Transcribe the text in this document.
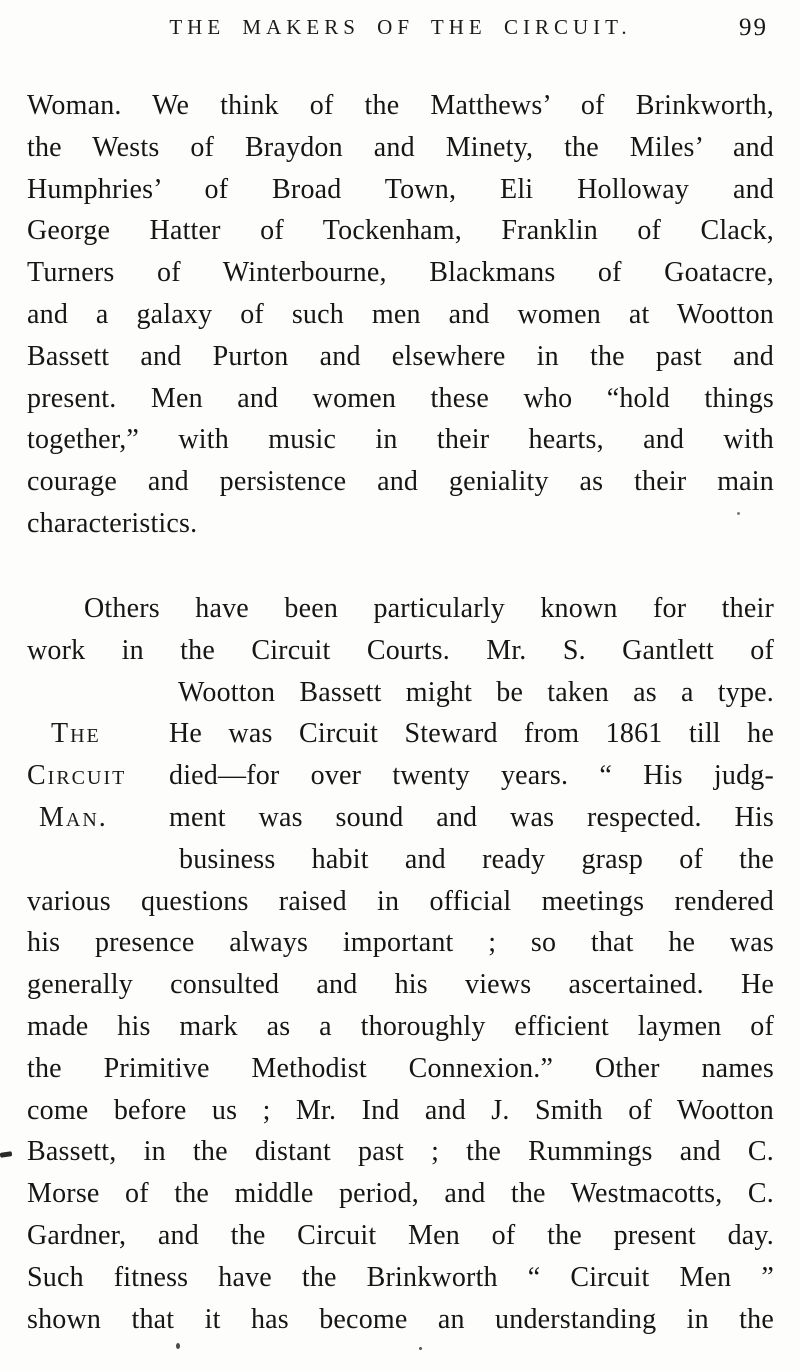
THE MAKERS OF THE CIRCUIT.	99
Woman. We think of the Matthews’ of Brinkworth,
the Wests of Braydon and Minety, the Miles’ and
Humphries’ of Broad Town, Eli Holloway and
George Hatter of Tockenham, Franklin of Clack,
Turners of Winterbourne, Blackmans of Goatacre,
and a galaxy of such men and women at Wootton
Bassett and Purton and elsewhere in the past and
present. Men and women these who “hold things
together,” with music in their hearts, and with
courage and persistence and geniality as their main
characteristics.
Others have been particularly known for their
work in the Circuit Courts. Mr. S. Gantlett of
Wootton Bassett might be taken as a type.
The He was Circuit Steward from 1861 till he
Circuit died—for over twenty years. “ His judg-
Man. ment was sound and was respected. His
business habit and ready grasp of the
various questions raised in official meetings rendered
his presence always important ; so that he was
generally consulted and his views ascertained. He
made his mark as a thoroughly efficient laymen of
the Primitive Methodist Connexion.” Other names
come before us ; Mr. Ind and J. Smith of Wootton
Bassett, in the distant past ; the Rummings and C.
Morse of the middle period, and the Westmacotts, C.
Gardner, and the Circuit Men of the present day.
Such fitness have the Brinkworth “ Circuit Men ”
shown that it has become an understanding in the
